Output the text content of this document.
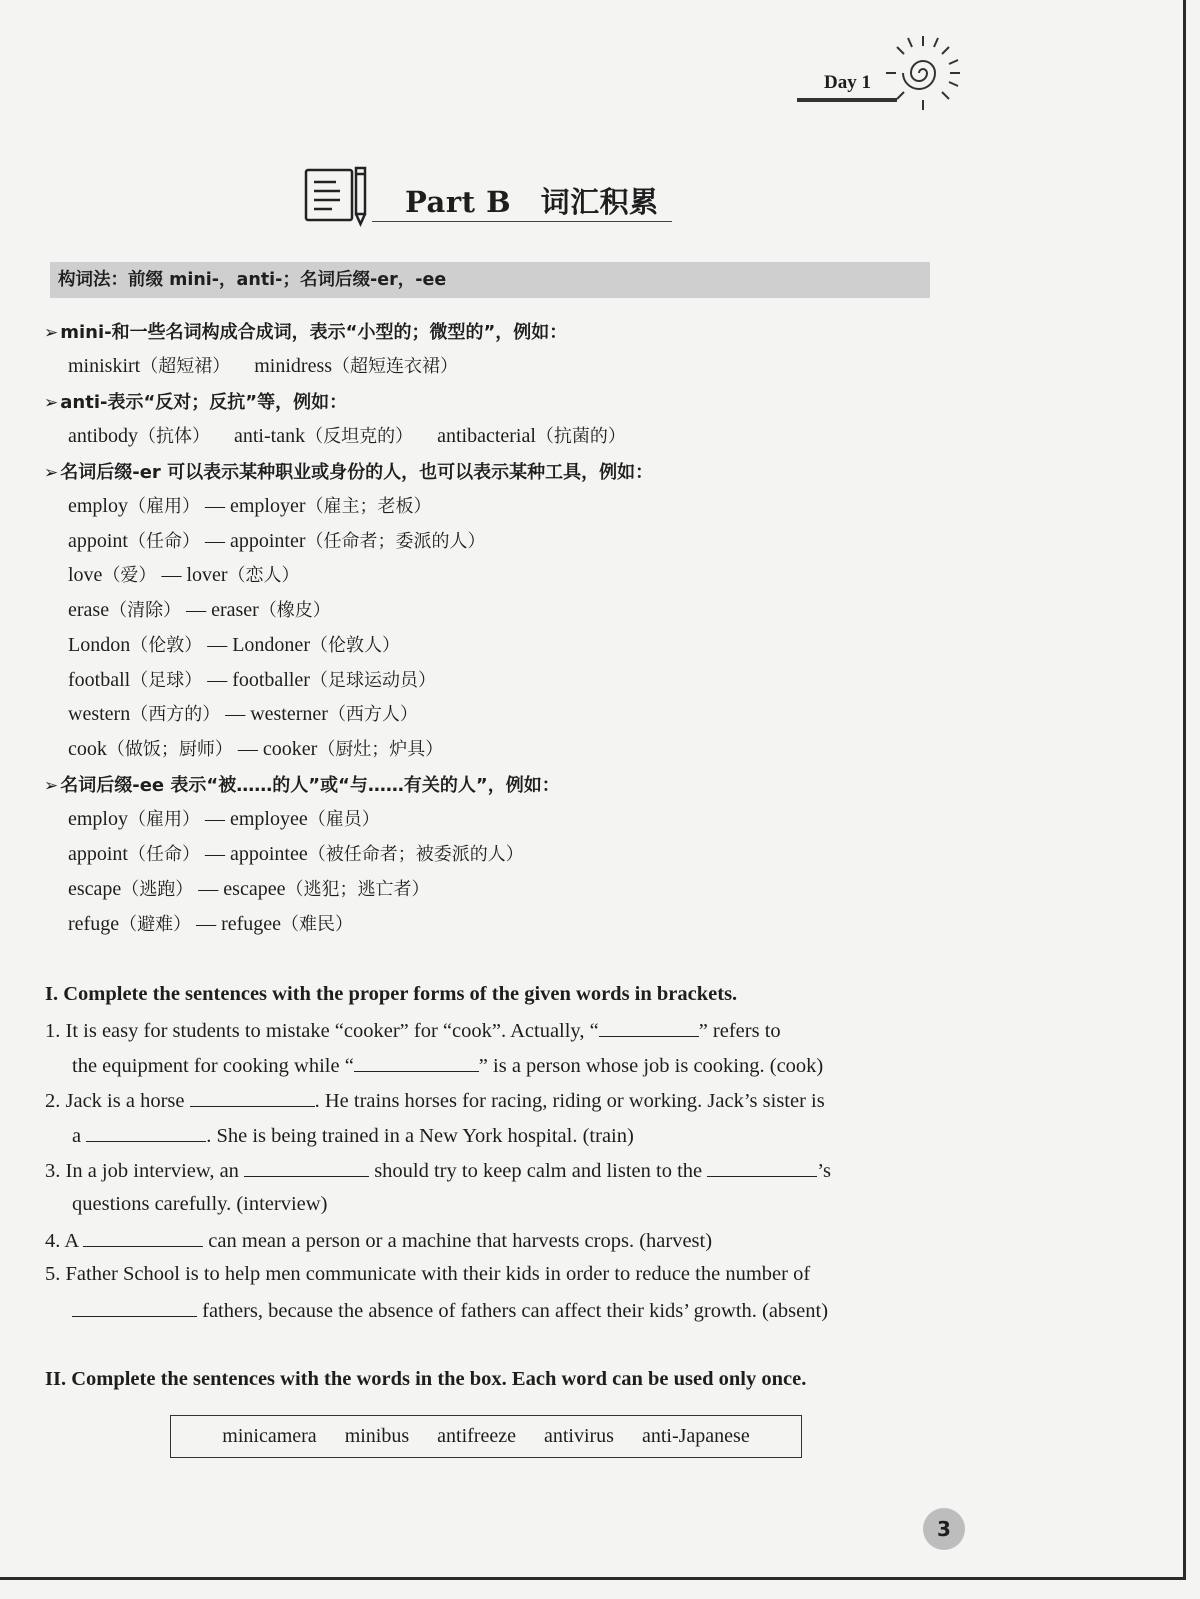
Day 1
Part B　词汇积累
构词法：前缀 mini-，anti-；名词后缀-er，-ee
➢ mini-和一些名词构成合成词，表示“小型的；微型的”，例如：
miniskirt（超短裙） minidress（超短连衣裙）
➢ anti-表示“反对；反抗”等，例如：
antibody（抗体） anti-tank（反坦克的） antibacterial（抗菌的）
➢ 名词后缀-er 可以表示某种职业或身份的人，也可以表示某种工具，例如：
employ（雇用） — employer（雇主；老板）
appoint（任命） — appointer（任命者；委派的人）
love（爱） — lover（恋人）
erase（清除） — eraser（橡皮）
London（伦敦） — Londoner（伦敦人）
football（足球） — footballer（足球运动员）
western（西方的） — westerner（西方人）
cook（做饭；厨师） — cooker（厨灶；炉具）
➢ 名词后缀-ee 表示“被……的人”或“与……有关的人”，例如：
employ（雇用） — employee（雇员）
appoint（任命） — appointee（被任命者；被委派的人）
escape（逃跑） — escapee（逃犯；逃亡者）
refuge（避难） — refugee（难民）
I. Complete the sentences with the proper forms of the given words in brackets.
1. It is easy for students to mistake “cooker” for “cook”. Actually, “	” refers to
the equipment for cooking while “	” is a person whose job is cooking. (cook)
2. Jack is a horse	. He trains horses for racing, riding or working. Jack’s sister is
a	. She is being trained in a New York hospital. (train)
3. In a job interview, an	should try to keep calm and listen to the	’s
questions carefully. (interview)
4. A	can mean a person or a machine that harvests crops. (harvest)
5. Father School is to help men communicate with their kids in order to reduce the number of
fathers, because the absence of fathers can affect their kids’ growth. (absent)
II. Complete the sentences with the words in the box. Each word can be used only once.
minicamera minibus antifreeze antivirus anti-Japanese
3
